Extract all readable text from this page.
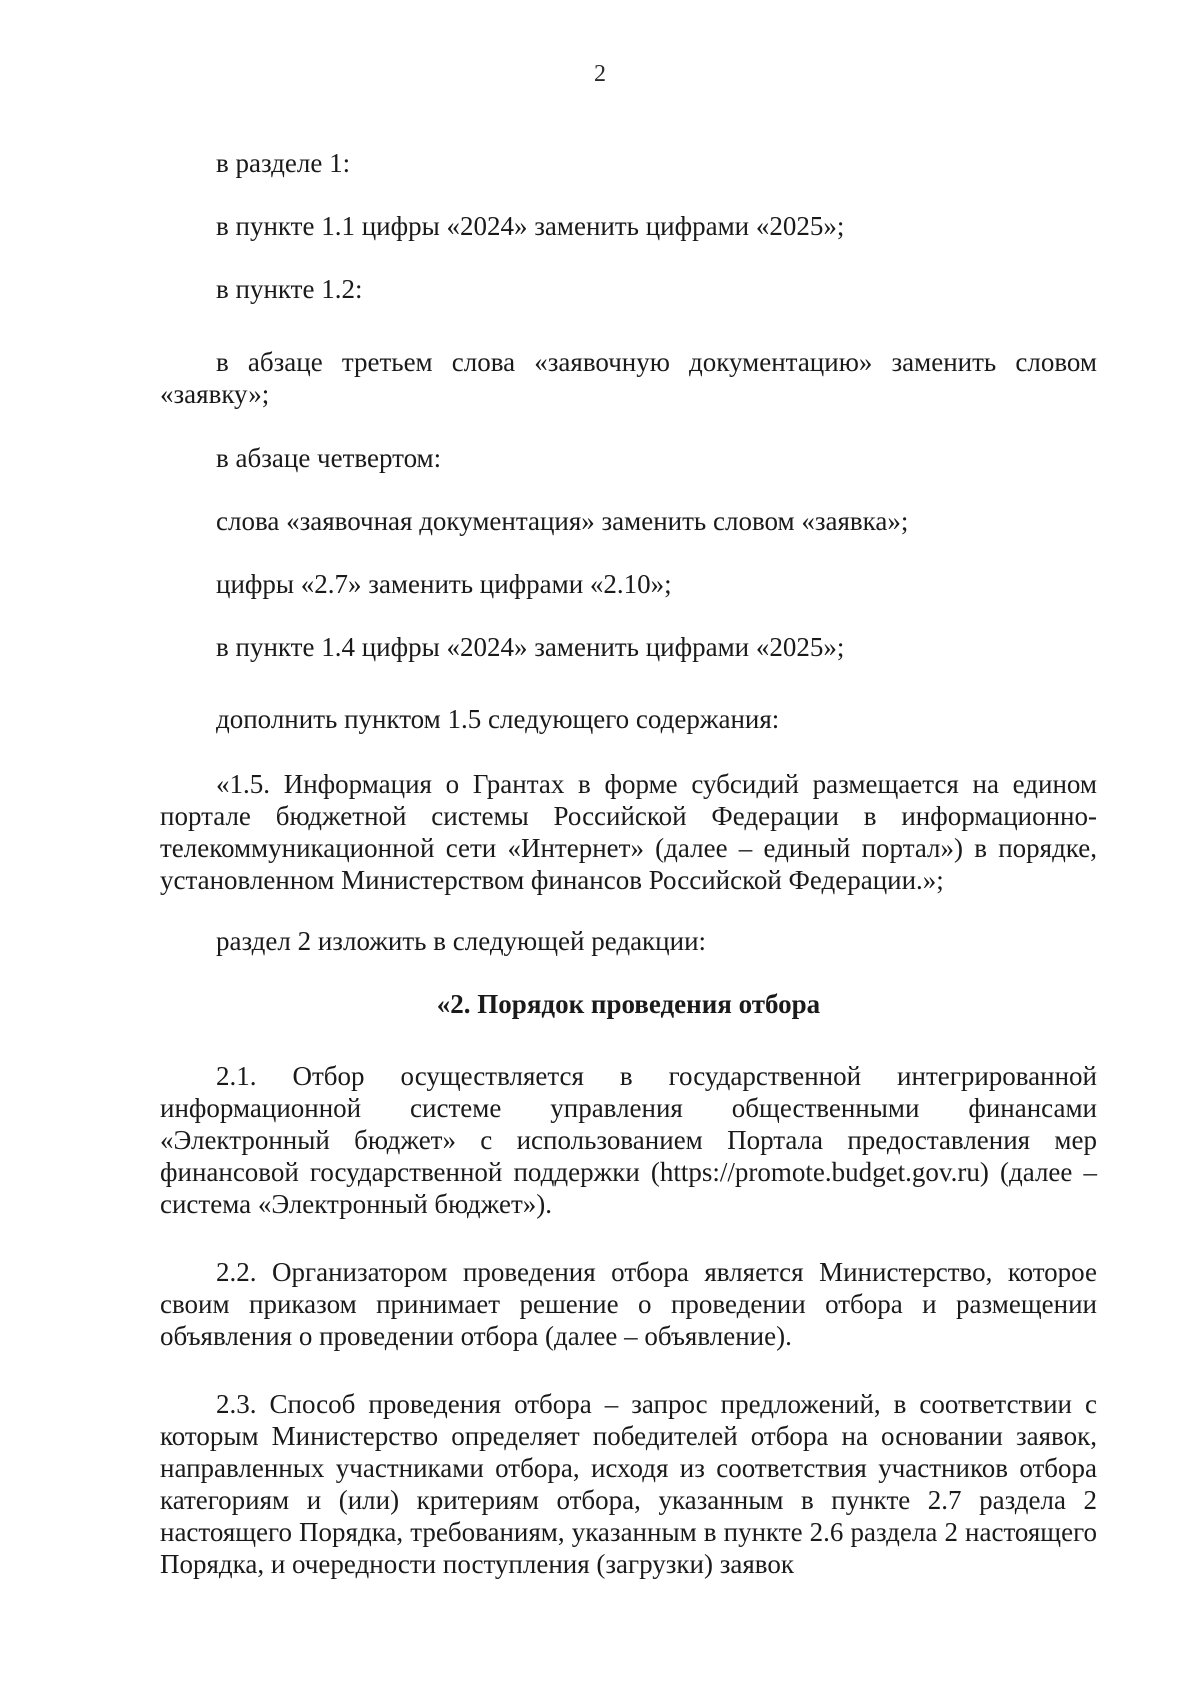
2

в разделе 1:

в пункте 1.1 цифры «2024» заменить цифрами «2025»;

в пункте 1.2:

в абзаце третьем слова «заявочную документацию» заменить словом «заявку»;

в абзаце четвертом:

слова «заявочная документация» заменить словом «заявка»;

цифры «2.7» заменить цифрами «2.10»;

в пункте 1.4 цифры «2024» заменить цифрами «2025»;

дополнить пунктом 1.5 следующего содержания:

«1.5. Информация о Грантах в форме субсидий размещается на едином портале бюджетной системы Российской Федерации в информационно-телекоммуникационной сети «Интернет» (далее – единый портал») в порядке, установленном Министерством финансов Российской Федерации.»;

раздел 2 изложить в следующей редакции:

«2. Порядок проведения отбора

2.1. Отбор осуществляется в государственной интегрированной информационной системе управления общественными финансами «Электронный бюджет» с использованием Портала предоставления мер финансовой государственной поддержки (https://promote.budget.gov.ru) (далее – система «Электронный бюджет»).

2.2. Организатором проведения отбора является Министерство, которое своим приказом принимает решение о проведении отбора и размещении объявления о проведении отбора (далее – объявление).

2.3. Способ проведения отбора – запрос предложений, в соответствии с которым Министерство определяет победителей отбора на основании заявок, направленных участниками отбора, исходя из соответствия участников отбора категориям и (или) критериям отбора, указанным в пункте 2.7 раздела 2 настоящего Порядка, требованиям, указанным в пункте 2.6 раздела 2 настоящего Порядка, и очередности поступления (загрузки) заявок
